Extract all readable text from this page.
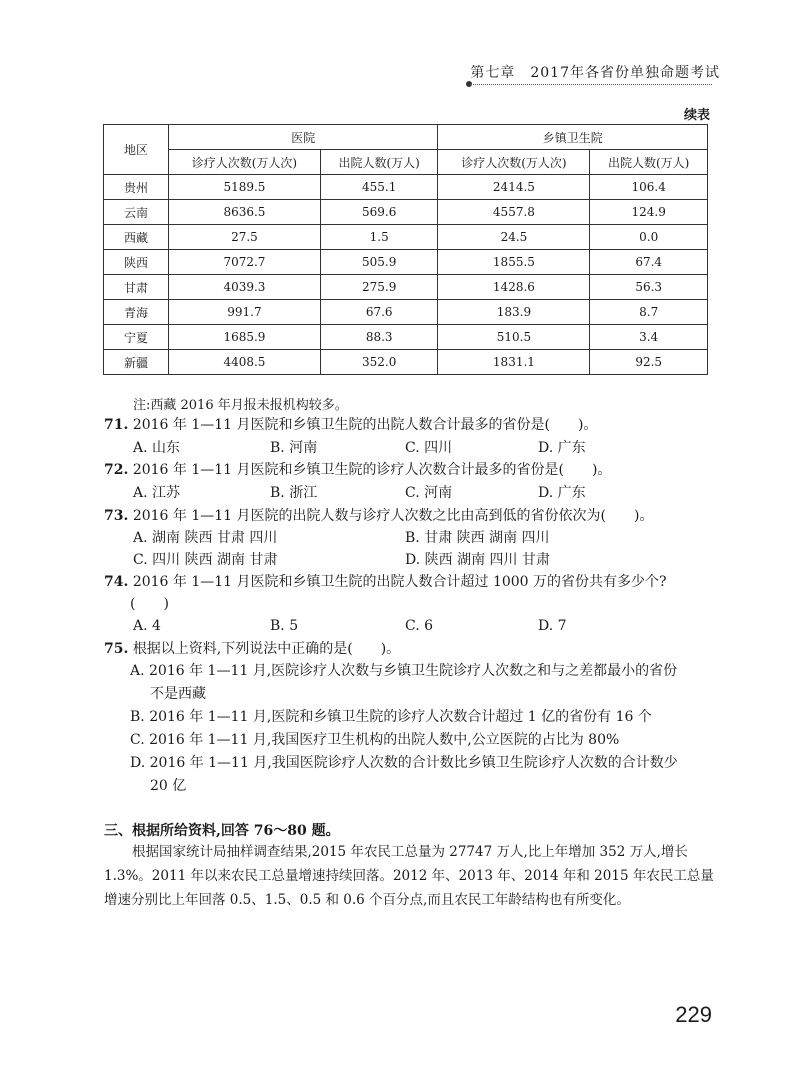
第七章　2017年各省份单独命题考试
续表
地区	医院		乡镇卫生院	
	诊疗人次数(万人次)	出院人数(万人)	诊疗人次数(万人次)	出院人数(万人)
贵州	5189.5	455.1	2414.5	106.4
云南	8636.5	569.6	4557.8	124.9
西藏	27.5	1.5	24.5	0.0
陕西	7072.7	505.9	1855.5	67.4
甘肃	4039.3	275.9	1428.6	56.3
青海	991.7	67.6	183.9	8.7
宁夏	1685.9	88.3	510.5	3.4
新疆	4408.5	352.0	1831.1	92.5
注:西藏 2016 年月报未报机构较多。
71. 2016 年 1—11 月医院和乡镇卫生院的出院人数合计最多的省份是(　　)。
A. 山东	B. 河南	C. 四川	D. 广东
72. 2016 年 1—11 月医院和乡镇卫生院的诊疗人次数合计最多的省份是(　　)。
A. 江苏	B. 浙江	C. 河南	D. 广东
73. 2016 年 1—11 月医院的出院人数与诊疗人次数之比由高到低的省份依次为(　　)。
A. 湖南 陕西 甘肃 四川	B. 甘肃 陕西 湖南 四川
C. 四川 陕西 湖南 甘肃	D. 陕西 湖南 四川 甘肃
74. 2016 年 1—11 月医院和乡镇卫生院的出院人数合计超过 1000 万的省份共有多少个?
(　　)
A. 4	B. 5	C. 6	D. 7
75. 根据以上资料,下列说法中正确的是(　　)。
A. 2016 年 1—11 月,医院诊疗人次数与乡镇卫生院诊疗人次数之和与之差都最小的省份
不是西藏
B. 2016 年 1—11 月,医院和乡镇卫生院的诊疗人次数合计超过 1 亿的省份有 16 个
C. 2016 年 1—11 月,我国医疗卫生机构的出院人数中,公立医院的占比为 80%
D. 2016 年 1—11 月,我国医院诊疗人次数的合计数比乡镇卫生院诊疗人次数的合计数少
20 亿
三、根据所给资料,回答 76～80 题。
根据国家统计局抽样调查结果,2015 年农民工总量为 27747 万人,比上年增加 352 万人,增长 1.3%。2011 年以来农民工总量增速持续回落。2012 年、2013 年、2014 年和 2015 年农民工总量增速分别比上年回落 0.5、1.5、0.5 和 0.6 个百分点,而且农民工年龄结构也有所变化。
229
